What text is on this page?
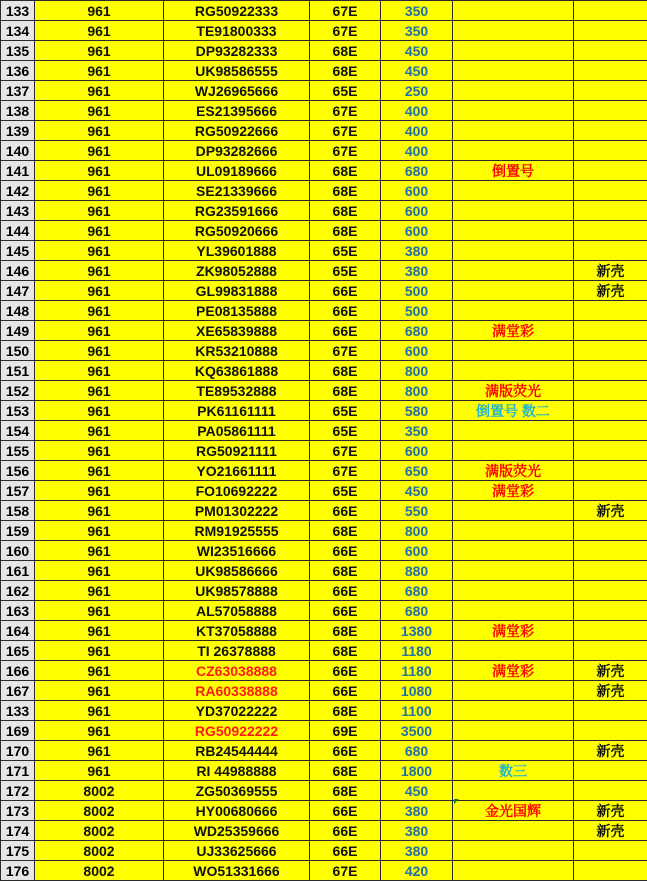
133	961	RG50922333	67E	350		
134	961	TE91800333	67E	350		
135	961	DP93282333	68E	450		
136	961	UK98586555	68E	450		
137	961	WJ26965666	65E	250		
138	961	ES21395666	67E	400		
139	961	RG50922666	67E	400		
140	961	DP93282666	67E	400		
141	961	UL09189666	68E	680	倒置号	
142	961	SE21339666	68E	600		
143	961	RG23591666	68E	600		
144	961	RG50920666	68E	600		
145	961	YL39601888	65E	380		
146	961	ZK98052888	65E	380		新壳
147	961	GL99831888	66E	500		新壳
148	961	PE08135888	66E	500		
149	961	XE65839888	66E	680	满堂彩	
150	961	KR53210888	67E	600		
151	961	KQ63861888	68E	800		
152	961	TE89532888	68E	800	满版荧光	
153	961	PK61161111	65E	580	倒置号 数二	
154	961	PA05861111	65E	350		
155	961	RG50921111	67E	600		
156	961	YO21661111	67E	650	满版荧光	
157	961	FO10692222	65E	450	满堂彩	
158	961	PM01302222	66E	550		新壳
159	961	RM91925555	68E	800		
160	961	WI23516666	66E	600		
161	961	UK98586666	68E	880		
162	961	UK98578888	66E	680		
163	961	AL57058888	66E	680		
164	961	KT37058888	68E	1380	满堂彩	
165	961	TI 26378888	68E	1180		
166	961	CZ63038888	66E	1180	满堂彩	新壳
167	961	RA60338888	66E	1080		新壳
133	961	YD37022222	68E	1100		
169	961	RG50922222	69E	3500		
170	961	RB24544444	66E	680		新壳
171	961	RI 44988888	68E	1800	数三	
172	8002	ZG50369555	68E	450		
173	8002	HY00680666	66E	380	金光国辉	新壳
174	8002	WD25359666	66E	380		新壳
175	8002	UJ33625666	66E	380		
176	8002	WO51331666	67E	420		
